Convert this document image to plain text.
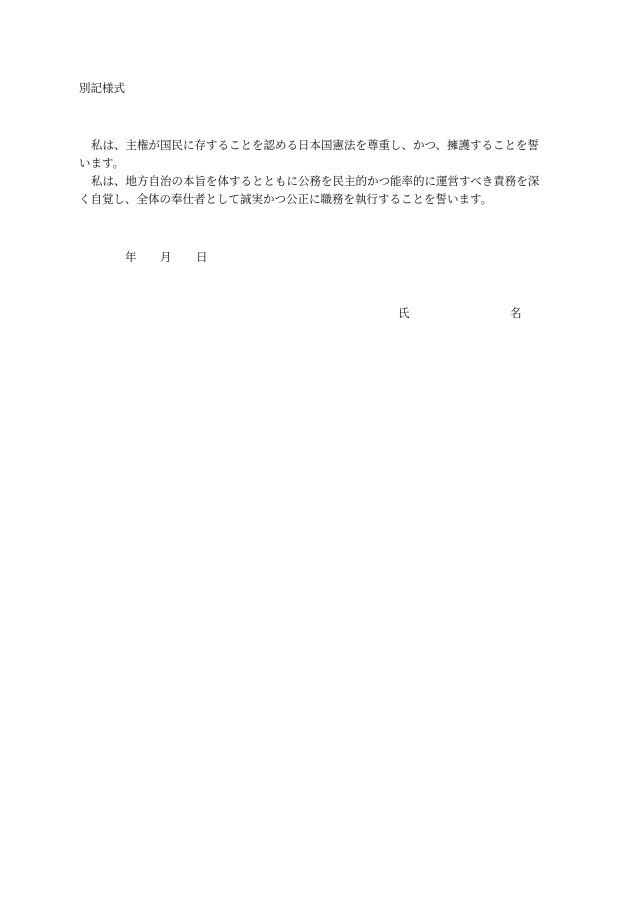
別記様式

私は、主権が国民に存することを認める日本国憲法を尊重し、かつ、擁護することを誓います。

私は、地方自治の本旨を体するとともに公務を民主的かつ能率的に運営すべき責務を深く自覚し、全体の奉仕者として誠実かつ公正に職務を執行することを誓います。

年 月 日
氏	名
